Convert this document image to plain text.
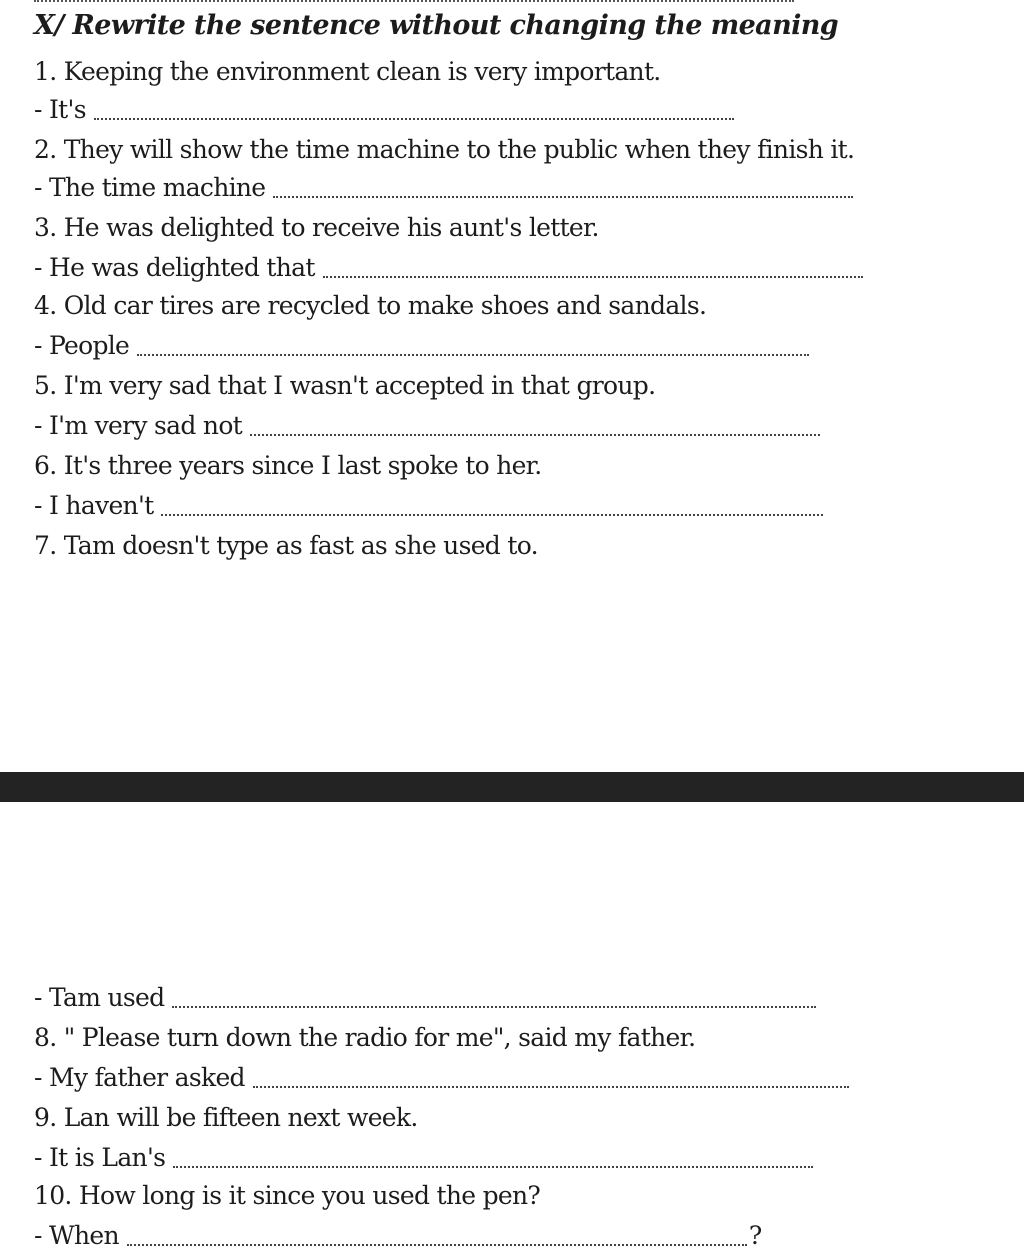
X/ Rewrite the sentence without changing the meaning
1. Keeping the environment clean is very important.
- It's
2. They will show the time machine to the public when they finish it.
- The time machine
3. He was delighted to receive his aunt's letter.
- He was delighted that
4. Old car tires are recycled to make shoes and sandals.
- People
5. I'm very sad that I wasn't accepted in that group.
- I'm very sad not
6. It's three years since I last spoke to her.
- I haven't
7. Tam doesn't type as fast as she used to.
- Tam used
8. " Please turn down the radio for me", said my father.
- My father asked
9. Lan will be fifteen next week.
- It is Lan's
10. How long is it since you used the pen?
- When	?
